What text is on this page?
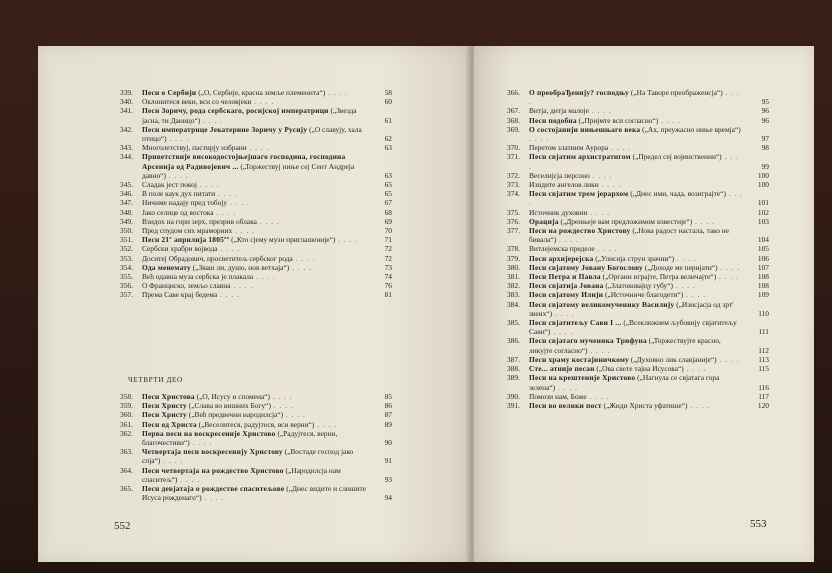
339.	Песн о Сербији („О, Сербије, красна земље племенита“) . . . .	58
340.	Оклонитеся веки, вси со человјеки . . . .	60
341.	Песн Зоричу, рода сербскаго, росијској императрици („Звезда јасна, ти Даницо“) . . . .	61
342.	Песн императрице Јекатерине Зоричу у Русију („О славују, хала птицо“) . . . .	62
343.	Многолетствуј, пастирју избрани . . . .	63
344.	Приветствије високодостојњејшаго господина, господина Арсенија од Радивојевич ... („Торжествуј ниње сеј Сент Андреја давно“) . . . .	63
345.	Сладак јест покој . . . .	65
346.	В поле каук дух питати . . . .	65
347.	Ничиме надају пред тобоју . . . .	67
348.	Јако селице од востока . . . .	68
349.	Взидох на гори зерх, презрив облака . . . .	69
350.	Пред спудом сих мраморних . . . .	70
351.	Песн 21º априлија 1805ºº („Кто сјему музи приглашеније“) . . . .	71
352.	Сербски храбри војвода . . . .	72
353.	Доситеј Обрадович, просветитељ сербског рода . . . .	72
354.	Ода менемату („Зваш ли, душо, нов ветхаја“) . . . .	73
355.	Већ одавна муза сербска је плакала . . . .	74
356.	О Франциско, земљо славна . . . .	76
357.	Према Саве крај бедема . . . .	81
ЧЕТВРТИ ДЕО
358.	Песн Христова („О, Исусу и спомена“) . . . .	85
359.	Песн Христу („Слава во вишних Богу“) . . . .	86
360.	Песн Христу („Већ предвечни народилсја“) . . . .	87
361.	Песн од Христа („Веселитеся, радујтеся, вси верни“) . . . .	89
362.	Перва песн на воскресеније Христово („Радујтеся, верни, благочестиви“) . . . .	90
363.	Четвертаја песн воскресенију Христову („Востаде господ јако спја“) . . . .	91
364.	Песн четвертаја на рождество Христово („Народилсја нам спаситељ“) . . . .	93
365.	Песн девјатаја о рождестве спаситељове („Днес видите и слишите Исуса рожденаго“) . . . .	94
366.	О преобраЂенију? господњу („На Таворе преображенсја“) . . . .	95
367.	Витја, дитја малоје . . . .	96
368.	Песн подобна („Пријмте вси согласно“) . . . .	96
369.	О состојанији нињешњаго века („Ах, преужасно ниње времја“) . . . .	97
370.	Перетом златиим Аурора . . . .	98
371.	Песн свјатим архистратигом („Предел сеј војинственни“) . . . .	99
372.	Веселијсја персоно . . . .	100
373.	Изидите ангелов лики . . . .	100
374.	Песн свјатим трем јерархом („Днес ими, чада, возиграјте“) . . . .	101
375.	Источник духовни . . . .	102
376.	Орација („Дреињеје вам предложимом известије“) . . . .	103
377.	Песн на рождество Христову („Нова радост настала, тако не бивала“) . . . .	104
378.	Витлејемска пределе . . . .	105
379.	Песн архијерејска („Улисија струн зрачни“) . . . .	106
380.	Песн свјатому Јовану Богослову („Доходе ме перијати“) . . . .	107
381.	Песн Петра и Павла („Органи играјте, Петра величајте“) . . . .	108
382.	Песн свјатија Јована („Златоковајцу губу“) . . . .	108
383.	Песн свјатому Илији („Источниче благодети“) . . . .	109
384.	Песн свјатому великомученику Василију („Изисјасја од зрт' звеих“) . . . .	110
385.	Песн свјатитељу Сави I ... („Всеклижнем љубовију свјатитељу Сави“) . . . .	111
386.	Песн свјатаго мученика Трифуна („Торжествујте красно, ликујте согласно“) . . . .	112
387.	Песн храму костајиничкому („Духовно лик славјаније“) . . . .	113
388.	Сте... атније песан („Ова свете тајна Исусова“) . . . .	115
389.	Песн на крештеније Христово („Нагнула се свјатага гора зелена“) . . . .	116
390.	Помози нам, Боже . . . .	117
391.	Песн во велики пост („Жиди Христа уфатише“) . . . .	120
552	553
